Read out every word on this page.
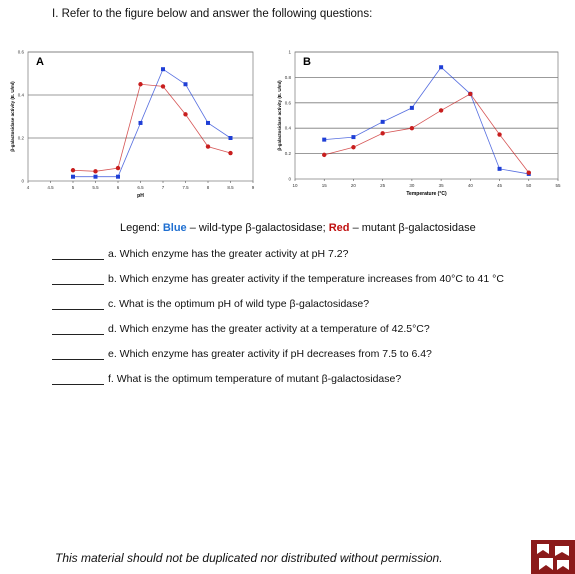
I. Refer to the figure below and answer the following questions:
0
0.2
0.4
0.6
4	4.5	5	5.5	6	6.5	7	7.5	8	8.5	9
pH
β-galactosidase activity (E. U/ml)
A
0
0.2
0.4
0.6
0.8
1
10	15	20	25	30	35	40	45	50	55
Temperature (°C)
β-galactosidase activity (E. U/ml)
B
Legend: Blue – wild-type β-galactosidase; Red – mutant β-galactosidase
a. Which enzyme has the greater activity at pH 7.2?
b. Which enzyme has greater activity if the temperature increases from 40°C to 41 °C
c. What is the optimum pH of wild type β-galactosidase?
d. Which enzyme has the greater activity at a temperature of 42.5°C?
e. Which enzyme has greater activity if pH decreases from 7.5 to 6.4?
f. What is the optimum temperature of mutant β-galactosidase?
This material should not be duplicated nor distributed without permission.
